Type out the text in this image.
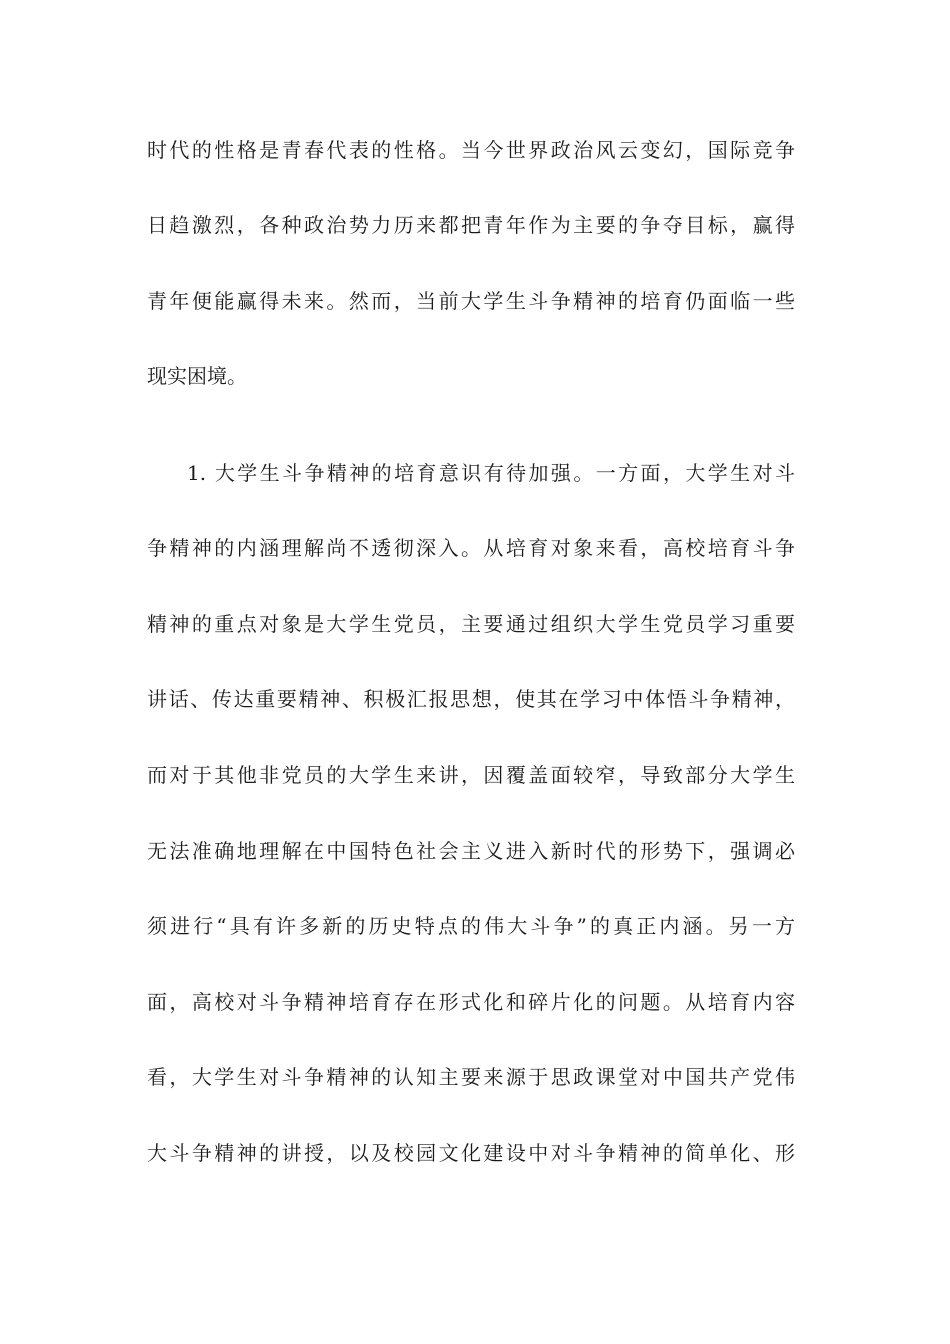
时代的性格是青春代表的性格。当今世界政治风云变幻，国际竞争
日趋激烈，各种政治势力历来都把青年作为主要的争夺目标，赢得
青年便能赢得未来。然而，当前大学生斗争精神的培育仍面临一些
现实困境。
1. 大学生斗争精神的培育意识有待加强。一方面，大学生对斗
争精神的内涵理解尚不透彻深入。从培育对象来看，高校培育斗争
精神的重点对象是大学生党员，主要通过组织大学生党员学习重要
讲话、传达重要精神、积极汇报思想，使其在学习中体悟斗争精神，
而对于其他非党员的大学生来讲，因覆盖面较窄，导致部分大学生
无法准确地理解在中国特色社会主义进入新时代的形势下，强调必
须进行“具有许多新的历史特点的伟大斗争”的真正内涵。另一方
面，高校对斗争精神培育存在形式化和碎片化的问题。从培育内容
看，大学生对斗争精神的认知主要来源于思政课堂对中国共产党伟
大斗争精神的讲授，以及校园文化建设中对斗争精神的简单化、形
